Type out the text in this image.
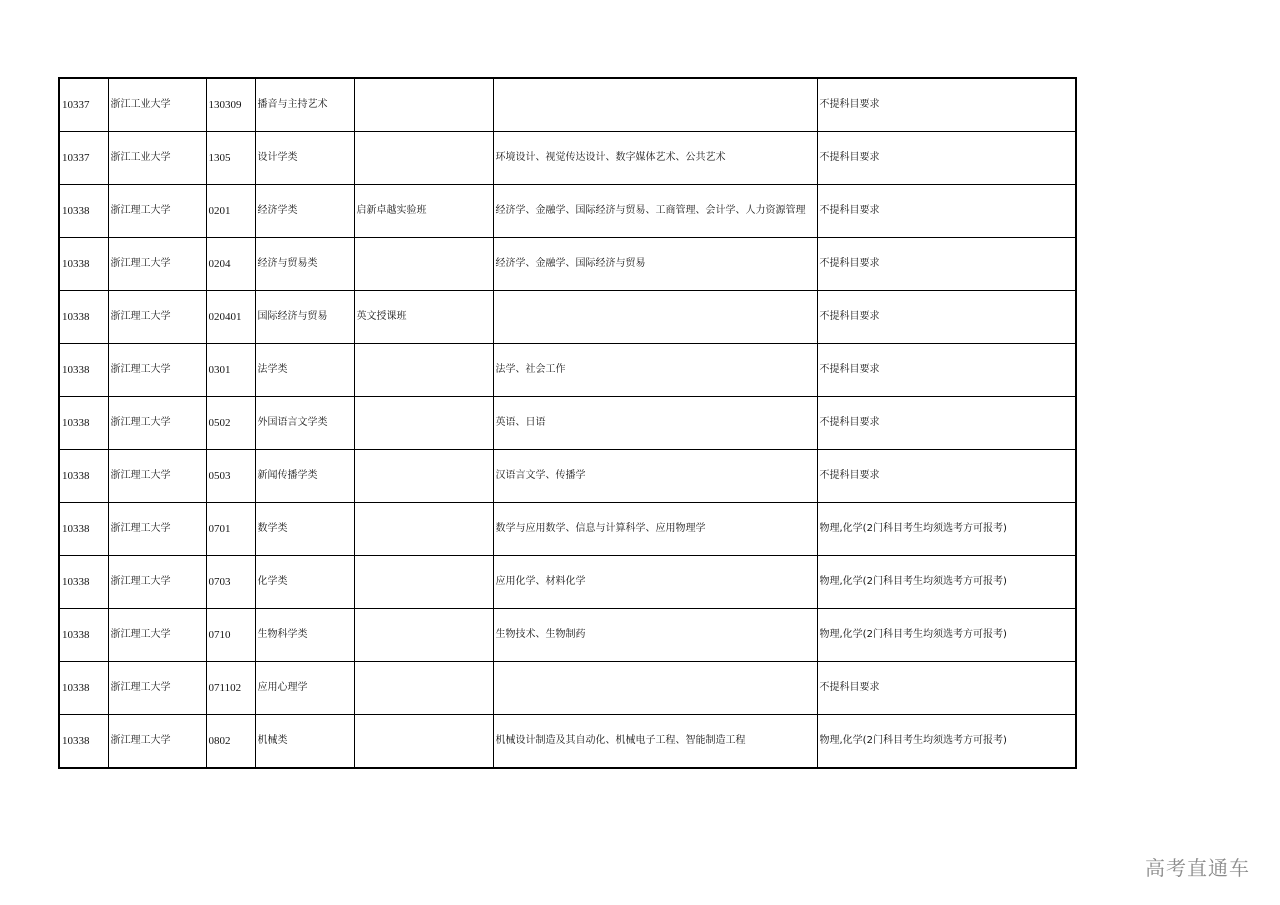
10337	浙江工业大学	130309	播音与主持艺术			不提科目要求
10337	浙江工业大学	1305	设计学类		环境设计、视觉传达设计、数字媒体艺术、公共艺术	不提科目要求
10338	浙江理工大学	0201	经济学类	启新卓越实验班	经济学、金融学、国际经济与贸易、工商管理、会计学、人力资源管理	不提科目要求
10338	浙江理工大学	0204	经济与贸易类		经济学、金融学、国际经济与贸易	不提科目要求
10338	浙江理工大学	020401	国际经济与贸易	英文授课班		不提科目要求
10338	浙江理工大学	0301	法学类		法学、社会工作	不提科目要求
10338	浙江理工大学	0502	外国语言文学类		英语、日语	不提科目要求
10338	浙江理工大学	0503	新闻传播学类		汉语言文学、传播学	不提科目要求
10338	浙江理工大学	0701	数学类		数学与应用数学、信息与计算科学、应用物理学	物理,化学(2门科目考生均须选考方可报考)
10338	浙江理工大学	0703	化学类		应用化学、材料化学	物理,化学(2门科目考生均须选考方可报考)
10338	浙江理工大学	0710	生物科学类		生物技术、生物制药	物理,化学(2门科目考生均须选考方可报考)
10338	浙江理工大学	071102	应用心理学			不提科目要求
10338	浙江理工大学	0802	机械类		机械设计制造及其自动化、机械电子工程、智能制造工程	物理,化学(2门科目考生均须选考方可报考)
高考直通车
